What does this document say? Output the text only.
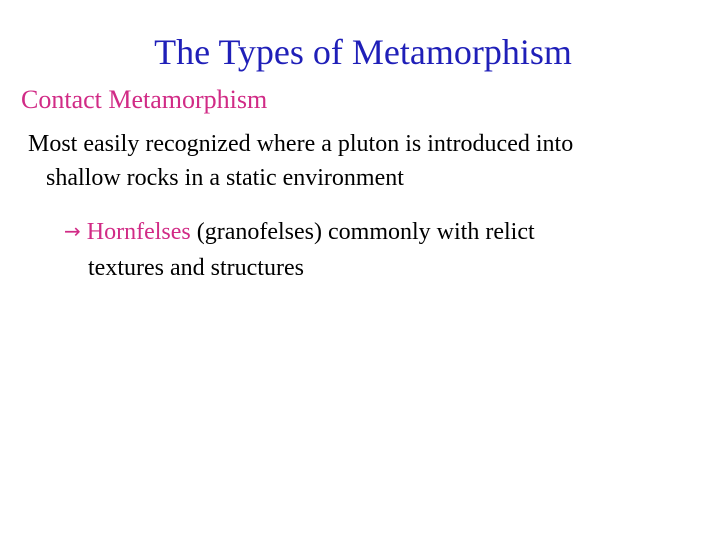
The Types of Metamorphism
Contact Metamorphism
Most easily recognized where a pluton is introduced into
shallow rocks in a static environment
→ Hornfelses (granofelses) commonly with relict
textures and structures
